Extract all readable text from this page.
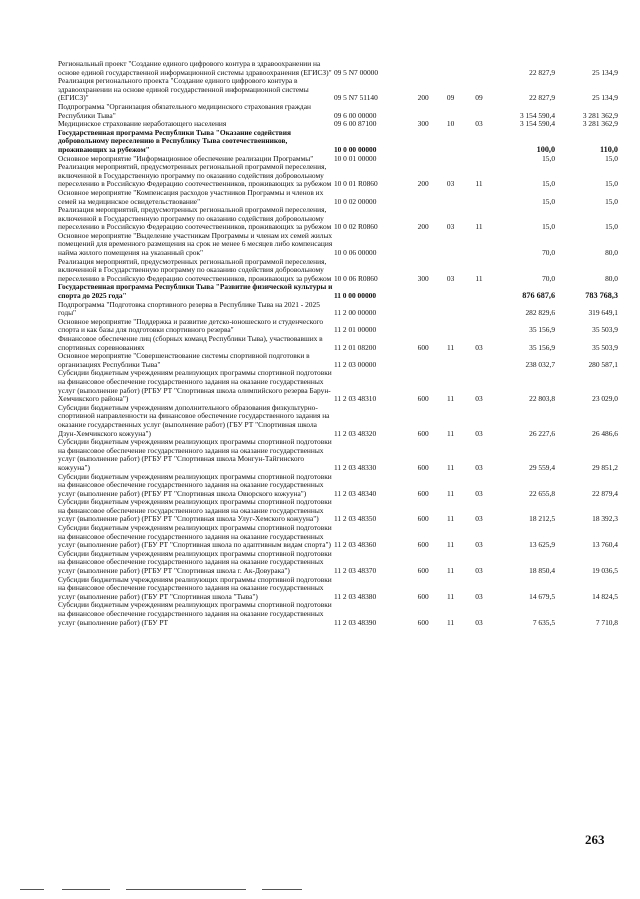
Региональный проект "Создание единого цифрового контура в здравоохранении на основе единой государственной информационной системы здравоохранения (ЕГИСЗ)"	09 5 N7 00000				22 827,9	25 134,9
Реализация регионального проекта "Создание единого цифрового контура в здравоохранении на основе единой государственной информационной системы (ЕГИСЗ)"	09 5 N7 51140	200	09	09	22 827,9	25 134,9
Подпрограмма "Организация обязательного медицинского страхования граждан Республики Тыва"	09 6 00 00000				3 154 590,4	3 281 362,9
Медицинское страхование неработающего населения	09 6 00 87100	300	10	03	3 154 590,4	3 281 362,9
Государственная программа Республики Тыва "Оказание содействия добровольному переселению в Республику Тыва соотечественников, проживающих за рубежом"	10 0 00 00000				100,0	110,0
Основное мероприятие "Информационное обеспечение реализации Программы"	10 0 01 00000				15,0	15,0
Реализация мероприятий, предусмотренных региональной программой переселения, включенной в Государственную программу по оказанию содействия добровольному переселению в Российскую Федерацию соотечественников, проживающих за рубежом	10 0 01 R0860	200	03	11	15,0	15,0
Основное мероприятие "Компенсация расходов участников Программы и членов их семей на медицинское освидетельствование"	10 0 02 00000				15,0	15,0
Реализация мероприятий, предусмотренных региональной программой переселения, включенной в Государственную программу по оказанию содействия добровольному переселению в Российскую Федерацию соотечественников, проживающих за рубежом	10 0 02 R0860	200	03	11	15,0	15,0
Основное мероприятие "Выделение участникам Программы и членам их семей жилых помещений для временного размещения на срок не менее 6 месяцев либо компенсация найма жилого помещения на указанный срок"	10 0 06 00000				70,0	80,0
Реализация мероприятий, предусмотренных региональной программой переселения, включенной в Государственную программу по оказанию содействия добровольному переселению в Российскую Федерацию соотечественников, проживающих за рубежом	10 0 06 R0860	300	03	11	70,0	80,0
Государственная программа Республики Тыва "Развитие физической культуры и спорта до 2025 года"	11 0 00 00000				876 687,6	783 768,3
Подпрограмма "Подготовка спортивного резерва в Республике Тыва на 2021 - 2025 годы"	11 2 00 00000				282 829,6	319 649,1
Основное мероприятие "Поддержка и развитие детско-юношеского и студенческого спорта и как базы для подготовки спортивного резерва"	11 2 01 00000				35 156,9	35 503,9
Финансовое обеспечение лиц (сборных команд Республики Тыва), участвовавших в спортивных соревнованиях	11 2 01 08200	600	11	03	35 156,9	35 503,9
Основное мероприятие "Совершенствование системы спортивной подготовки в организациях Республики Тыва"	11 2 03 00000				238 032,7	280 587,1
Субсидии бюджетным учреждениям реализующих программы спортивной подготовки на финансовое обеспечение государственного задания на оказание государственных услуг (выполнение работ) (РГБУ РТ "Спортивная школа олимпийского резерва Барун-Хемчикского района")	11 2 03 48310	600	11	03	22 803,8	23 029,0
Субсидии бюджетным учреждениям дополнительного образования физкультурно-спортивной направленности на финансовое обеспечение государственного задания на оказание государственных услуг (выполнение работ) (ГБУ РТ "Спортивная школа Дзун-Хемчикского кожууна")	11 2 03 48320	600	11	03	26 227,6	26 486,6
Субсидии бюджетным учреждениям реализующих программы спортивной подготовки на финансовое обеспечение государственного задания на оказание государственных услуг (выполнение работ) (РГБУ РТ "Спортивная школа Монгун-Тайгинского кожууна")	11 2 03 48330	600	11	03	29 559,4	29 851,2
Субсидии бюджетным учреждениям реализующих программы спортивной подготовки на финансовое обеспечение государственного задания на оказание государственных услуг (выполнение работ) (РГБУ РТ "Спортивная школа Овюрского кожууна")	11 2 03 48340	600	11	03	22 655,8	22 879,4
Субсидии бюджетным учреждениям реализующих программы спортивной подготовки на финансовое обеспечение государственного задания на оказание государственных услуг (выполнение работ) (РГБУ РТ "Спортивная школа Улуг-Хемского кожууна")	11 2 03 48350	600	11	03	18 212,5	18 392,3
Субсидии бюджетным учреждениям реализующих программы спортивной подготовки на финансовое обеспечение государственного задания на оказание государственных услуг (выполнение работ) (ГБУ РТ "Спортивная школа по адаптивным видам спорта")	11 2 03 48360	600	11	03	13 625,9	13 760,4
Субсидии бюджетным учреждениям реализующих программы спортивной подготовки на финансовое обеспечение государственного задания на оказание государственных услуг (выполнение работ) (РГБУ РТ "Спортивная школа г. Ак-Довурака")	11 2 03 48370	600	11	03	18 850,4	19 036,5
Субсидии бюджетным учреждениям реализующих программы спортивной подготовки на финансовое обеспечение государственного задания на оказание государственных услуг (выполнение работ) (ГБУ РТ "Спортивная школа "Тыва")	11 2 03 48380	600	11	03	14 679,5	14 824,5
Субсидии бюджетным учреждениям реализующих программы спортивной подготовки на финансовое обеспечение государственного задания на оказание государственных услуг (выполнение работ) (ГБУ РТ	11 2 03 48390	600	11	03	7 635,5	7 710,8
263
